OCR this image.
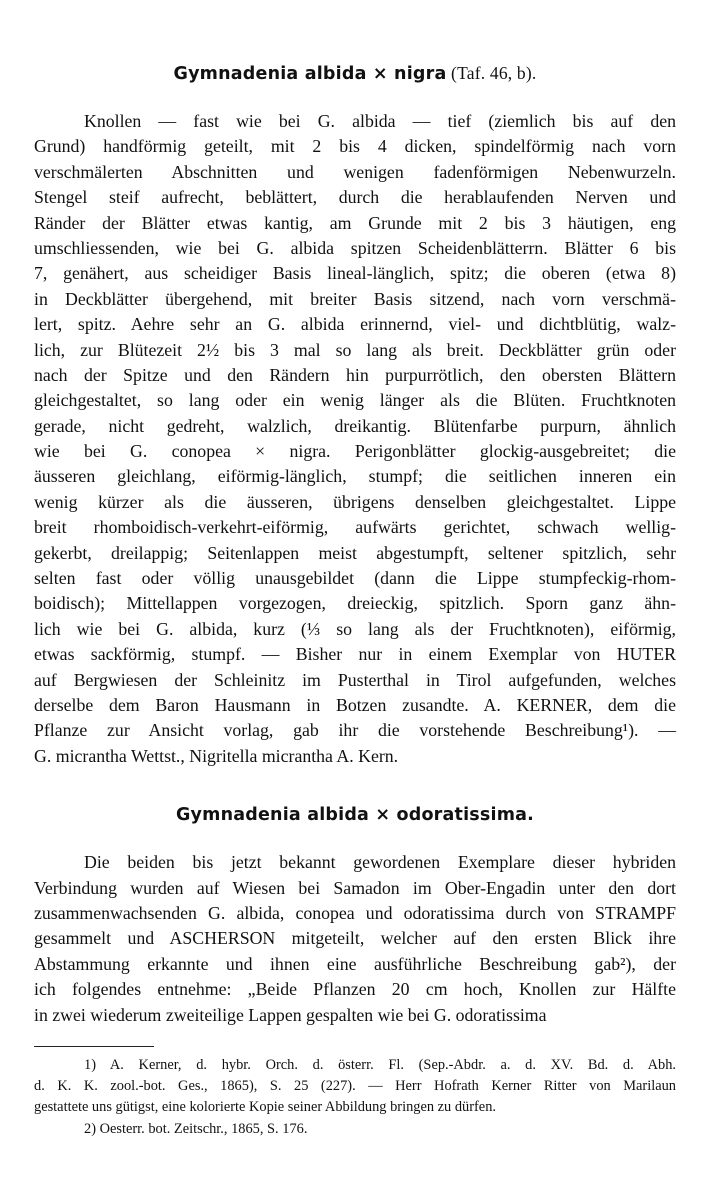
Gymnadenia albida × nigra (Taf. 46, b).
Knollen — fast wie bei G. albida — tief (ziemlich bis auf den
Grund) handförmig geteilt, mit 2 bis 4 dicken, spindelförmig nach vorn
verschmälerten Abschnitten und wenigen fadenförmigen Nebenwurzeln.
Stengel steif aufrecht, beblättert, durch die herablaufenden Nerven und
Ränder der Blätter etwas kantig, am Grunde mit 2 bis 3 häutigen, eng
umschliessenden, wie bei G. albida spitzen Scheidenblätterrn. Blätter 6 bis
7, genähert, aus scheidiger Basis lineal-länglich, spitz; die oberen (etwa 8)
in Deckblätter übergehend, mit breiter Basis sitzend, nach vorn verschmä-
lert, spitz. Aehre sehr an G. albida erinnernd, viel- und dichtblütig, walz-
lich, zur Blütezeit 2½ bis 3 mal so lang als breit. Deckblätter grün oder
nach der Spitze und den Rändern hin purpurrötlich, den obersten Blättern
gleichgestaltet, so lang oder ein wenig länger als die Blüten. Fruchtknoten
gerade, nicht gedreht, walzlich, dreikantig. Blütenfarbe purpurn, ähnlich
wie bei G. conopea × nigra. Perigonblätter glockig-ausgebreitet; die
äusseren gleichlang, eiförmig-länglich, stumpf; die seitlichen inneren ein
wenig kürzer als die äusseren, übrigens denselben gleichgestaltet. Lippe
breit rhomboidisch-verkehrt-eiförmig, aufwärts gerichtet, schwach wellig-
gekerbt, dreilappig; Seitenlappen meist abgestumpft, seltener spitzlich, sehr
selten fast oder völlig unausgebildet (dann die Lippe stumpfeckig-rhom-
boidisch); Mittellappen vorgezogen, dreieckig, spitzlich. Sporn ganz ähn-
lich wie bei G. albida, kurz (⅓ so lang als der Fruchtknoten), eiförmig,
etwas sackförmig, stumpf. — Bisher nur in einem Exemplar von HUTER
auf Bergwiesen der Schleinitz im Pusterthal in Tirol aufgefunden, welches
derselbe dem Baron Hausmann in Botzen zusandte. A. KERNER, dem die
Pflanze zur Ansicht vorlag, gab ihr die vorstehende Beschreibung¹). —
G. micrantha Wettst., Nigritella micrantha A. Kern.
Gymnadenia albida × odoratissima.
Die beiden bis jetzt bekannt gewordenen Exemplare dieser hybriden
Verbindung wurden auf Wiesen bei Samadon im Ober-Engadin unter den dort
zusammenwachsenden G. albida, conopea und odoratissima durch von STRAMPF
gesammelt und ASCHERSON mitgeteilt, welcher auf den ersten Blick ihre
Abstammung erkannte und ihnen eine ausführliche Beschreibung gab²), der
ich folgendes entnehme: „Beide Pflanzen 20 cm hoch, Knollen zur Hälfte
in zwei wiederum zweiteilige Lappen gespalten wie bei G. odoratissima
1) A. Kerner, d. hybr. Orch. d. österr. Fl. (Sep.-Abdr. a. d. XV. Bd. d. Abh.
d. K. K. zool.-bot. Ges., 1865), S. 25 (227). — Herr Hofrath Kerner Ritter von Marilaun
gestattete uns gütigst, eine kolorierte Kopie seiner Abbildung bringen zu dürfen.
2) Oesterr. bot. Zeitschr., 1865, S. 176.
